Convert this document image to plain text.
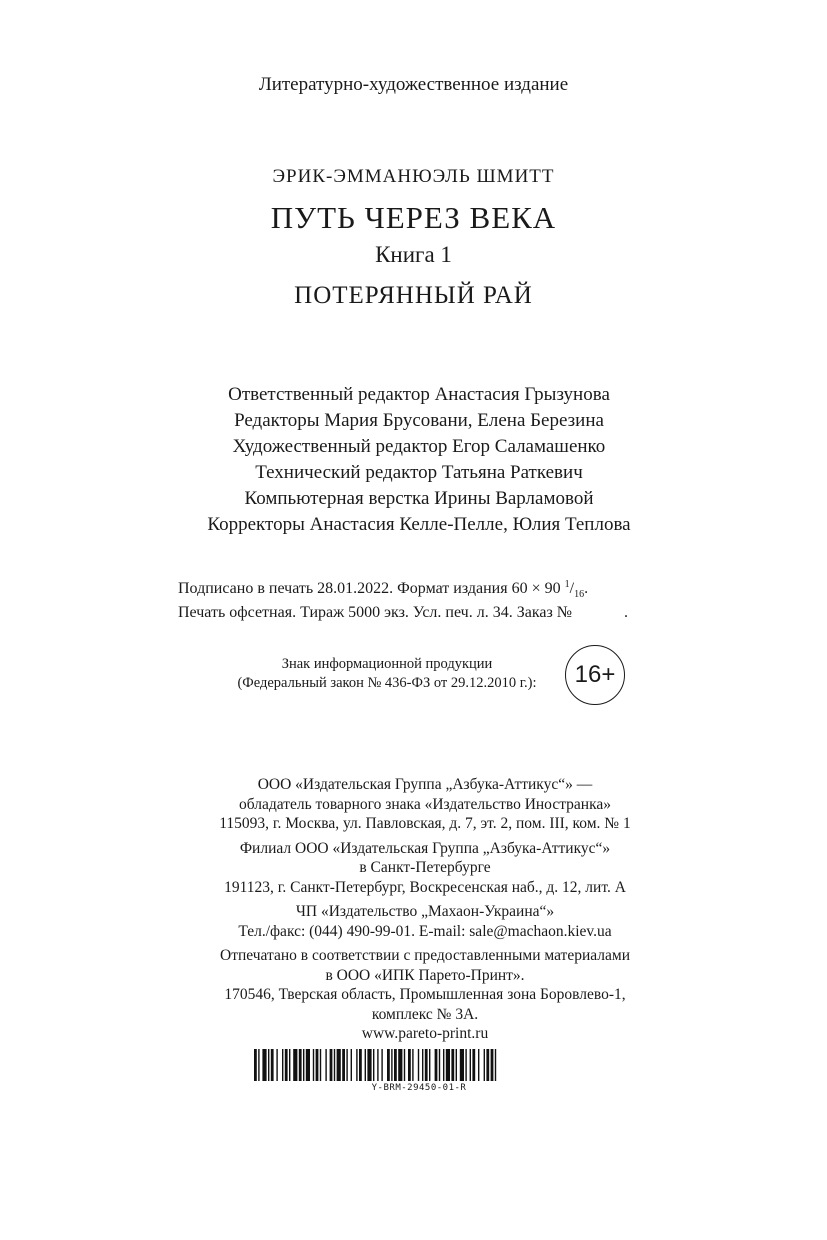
Литературно-художественное издание
ЭРИК-ЭММАНЮЭЛЬ ШМИТТ
ПУТЬ ЧЕРЕЗ ВЕКА
Книга 1
ПОТЕРЯННЫЙ РАЙ
Ответственный редактор Анастасия Грызунова
Редакторы Мария Брусовани, Елена Березина
Художественный редактор Егор Саламашенко
Технический редактор Татьяна Раткевич
Компьютерная верстка Ирины Варламовой
Корректоры Анастасия Келле-Пелле, Юлия Теплова
Подписано в печать 28.01.2022. Формат издания 60 × 90 $^1/_{16}$.
Печать офсетная. Тираж 5000 экз. Усл. печ. л. 34. Заказ №	.
Знак информационной продукции
(Федеральный закон № 436-ФЗ от 29.12.2010 г.):	16+
ООО «Издательская Группа „Азбука-Аттикус“» —
обладатель товарного знака «Издательство Иностранка»
115093, г. Москва, ул. Павловская, д. 7, эт. 2, пом. III, ком. № 1
Филиал ООО «Издательская Группа „Азбука-Аттикус“»
в Санкт-Петербурге
191123, г. Санкт-Петербург, Воскресенская наб., д. 12, лит. А
ЧП «Издательство „Махаон-Украина“»
Тел./факс: (044) 490-99-01. E-mail: sale@machaon.kiev.ua
Отпечатано в соответствии с предоставленными материалами
в ООО «ИПК Парето-Принт».
170546, Тверская область, Промышленная зона Боровлево-1,
комплекс № 3А.
www.pareto-print.ru
Y-BRM-29450-01-R
